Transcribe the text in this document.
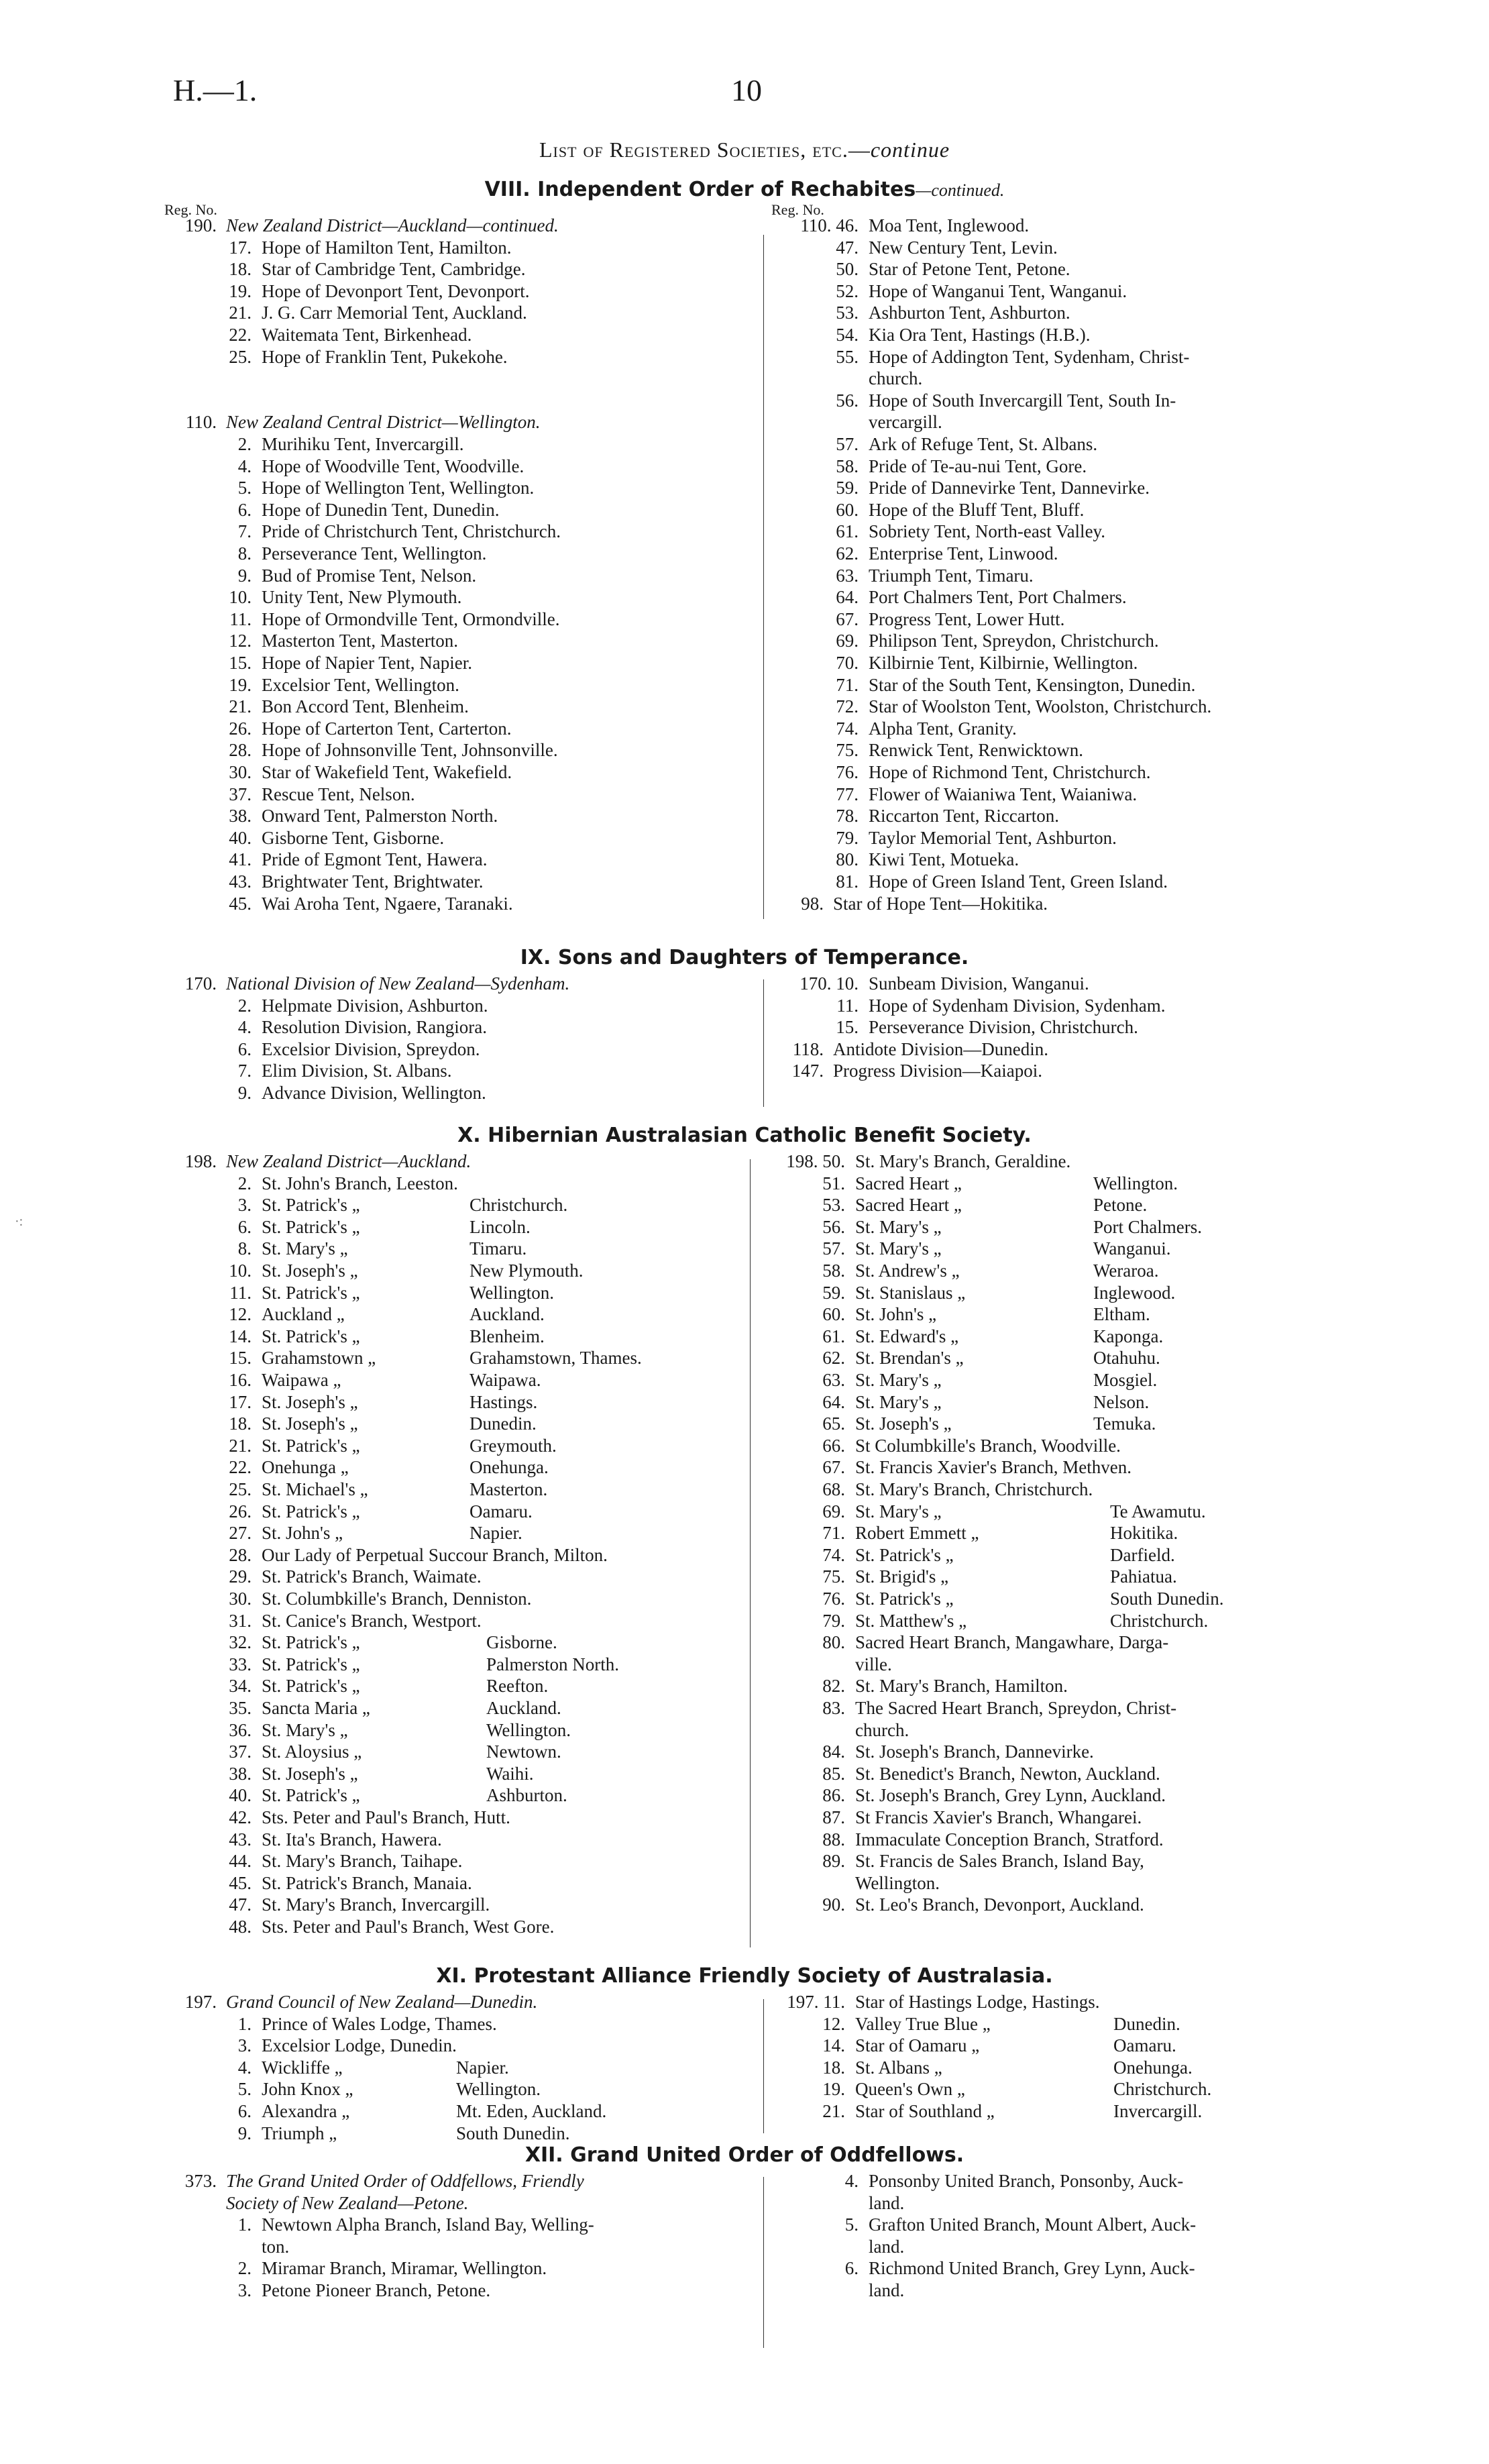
H.—1.	10
List of Registered Societies, etc.—continue
VIII. Independent Order of Rechabites—continued.
Reg. No.	Reg. No.
190. New Zealand District—Auckland—continued.
17. Hope of Hamilton Tent, Hamilton.
18. Star of Cambridge Tent, Cambridge.
19. Hope of Devonport Tent, Devonport.
21. J. G. Carr Memorial Tent, Auckland.
22. Waitemata Tent, Birkenhead.
25. Hope of Franklin Tent, Pukekohe.
110. New Zealand Central District—Wellington.
2. Murihiku Tent, Invercargill.
4. Hope of Woodville Tent, Woodville.
5. Hope of Wellington Tent, Wellington.
6. Hope of Dunedin Tent, Dunedin.
7. Pride of Christchurch Tent, Christchurch.
8. Perseverance Tent, Wellington.
9. Bud of Promise Tent, Nelson.
10. Unity Tent, New Plymouth.
11. Hope of Ormondville Tent, Ormondville.
12. Masterton Tent, Masterton.
15. Hope of Napier Tent, Napier.
19. Excelsior Tent, Wellington.
21. Bon Accord Tent, Blenheim.
26. Hope of Carterton Tent, Carterton.
28. Hope of Johnsonville Tent, Johnsonville.
30. Star of Wakefield Tent, Wakefield.
37. Rescue Tent, Nelson.
38. Onward Tent, Palmerston North.
40. Gisborne Tent, Gisborne.
41. Pride of Egmont Tent, Hawera.
43. Brightwater Tent, Brightwater.
45. Wai Aroha Tent, Ngaere, Taranaki.
110. 46. Moa Tent, Inglewood.
47. New Century Tent, Levin.
50. Star of Petone Tent, Petone.
52. Hope of Wanganui Tent, Wanganui.
53. Ashburton Tent, Ashburton.
54. Kia Ora Tent, Hastings (H.B.).
55. Hope of Addington Tent, Sydenham, Christ-
church.
56. Hope of South Invercargill Tent, South In-
vercargill.
57. Ark of Refuge Tent, St. Albans.
58. Pride of Te-au-nui Tent, Gore.
59. Pride of Dannevirke Tent, Dannevirke.
60. Hope of the Bluff Tent, Bluff.
61. Sobriety Tent, North-east Valley.
62. Enterprise Tent, Linwood.
63. Triumph Tent, Timaru.
64. Port Chalmers Tent, Port Chalmers.
67. Progress Tent, Lower Hutt.
69. Philipson Tent, Spreydon, Christchurch.
70. Kilbirnie Tent, Kilbirnie, Wellington.
71. Star of the South Tent, Kensington, Dunedin.
72. Star of Woolston Tent, Woolston, Christchurch.
74. Alpha Tent, Granity.
75. Renwick Tent, Renwicktown.
76. Hope of Richmond Tent, Christchurch.
77. Flower of Waianiwa Tent, Waianiwa.
78. Riccarton Tent, Riccarton.
79. Taylor Memorial Tent, Ashburton.
80. Kiwi Tent, Motueka.
81. Hope of Green Island Tent, Green Island.
98. Star of Hope Tent—Hokitika.
IX. Sons and Daughters of Temperance.
170. National Division of New Zealand—Sydenham.
2. Helpmate Division, Ashburton.
4. Resolution Division, Rangiora.
6. Excelsior Division, Spreydon.
7. Elim Division, St. Albans.
9. Advance Division, Wellington.
170. 10. Sunbeam Division, Wanganui.
11. Hope of Sydenham Division, Sydenham.
15. Perseverance Division, Christchurch.
118. Antidote Division—Dunedin.
147. Progress Division—Kaiapoi.
X. Hibernian Australasian Catholic Benefit Society.
198. New Zealand District—Auckland.
2. St. John's Branch, Leeston.
3. St. Patrick's „	Christchurch.
6. St. Patrick's „	Lincoln.
8. St. Mary's „	Timaru.
10. St. Joseph's „	New Plymouth.
11. St. Patrick's „	Wellington.
12. Auckland „	Auckland.
14. St. Patrick's „	Blenheim.
15. Grahamstown „	Grahamstown, Thames.
16. Waipawa „	Waipawa.
17. St. Joseph's „	Hastings.
18. St. Joseph's „	Dunedin.
21. St. Patrick's „	Greymouth.
22. Onehunga „	Onehunga.
25. St. Michael's „	Masterton.
26. St. Patrick's „	Oamaru.
27. St. John's „	Napier.
28. Our Lady of Perpetual Succour Branch, Milton.
29. St. Patrick's Branch, Waimate.
30. St. Columbkille's Branch, Denniston.
31. St. Canice's Branch, Westport.
32. St. Patrick's „	Gisborne.
33. St. Patrick's „	Palmerston North.
34. St. Patrick's „	Reefton.
35. Sancta Maria „	Auckland.
36. St. Mary's „	Wellington.
37. St. Aloysius „	Newtown.
38. St. Joseph's „	Waihi.
40. St. Patrick's „	Ashburton.
42. Sts. Peter and Paul's Branch, Hutt.
43. St. Ita's Branch, Hawera.
44. St. Mary's Branch, Taihape.
45. St. Patrick's Branch, Manaia.
47. St. Mary's Branch, Invercargill.
48. Sts. Peter and Paul's Branch, West Gore.
198. 50. St. Mary's Branch, Geraldine.
51. Sacred Heart „	Wellington.
53. Sacred Heart „	Petone.
56. St. Mary's „	Port Chalmers.
57. St. Mary's „	Wanganui.
58. St. Andrew's „	Weraroa.
59. St. Stanislaus „	Inglewood.
60. St. John's „	Eltham.
61. St. Edward's „	Kaponga.
62. St. Brendan's „	Otahuhu.
63. St. Mary's „	Mosgiel.
64. St. Mary's „	Nelson.
65. St. Joseph's „	Temuka.
66. St Columbkille's Branch, Woodville.
67. St. Francis Xavier's Branch, Methven.
68. St. Mary's Branch, Christchurch.
69. St. Mary's „	Te Awamutu.
71. Robert Emmett „	Hokitika.
74. St. Patrick's „	Darfield.
75. St. Brigid's „	Pahiatua.
76. St. Patrick's „	South Dunedin.
79. St. Matthew's „	Christchurch.
80. Sacred Heart Branch, Mangawhare, Darga-
ville.
82. St. Mary's Branch, Hamilton.
83. The Sacred Heart Branch, Spreydon, Christ-
church.
84. St. Joseph's Branch, Dannevirke.
85. St. Benedict's Branch, Newton, Auckland.
86. St. Joseph's Branch, Grey Lynn, Auckland.
87. St Francis Xavier's Branch, Whangarei.
88. Immaculate Conception Branch, Stratford.
89. St. Francis de Sales Branch, Island Bay,
Wellington.
90. St. Leo's Branch, Devonport, Auckland.
XI. Protestant Alliance Friendly Society of Australasia.
197. Grand Council of New Zealand—Dunedin.
1. Prince of Wales Lodge, Thames.
3. Excelsior Lodge, Dunedin.
4. Wickliffe „	Napier.
5. John Knox „	Wellington.
6. Alexandra „	Mt. Eden, Auckland.
9. Triumph „	South Dunedin.
197. 11. Star of Hastings Lodge, Hastings.
12. Valley True Blue „	Dunedin.
14. Star of Oamaru „	Oamaru.
18. St. Albans „	Onehunga.
19. Queen's Own „	Christchurch.
21. Star of Southland „	Invercargill.
XII. Grand United Order of Oddfellows.
373. The Grand United Order of Oddfellows, Friendly
Society of New Zealand—Petone.
1. Newtown Alpha Branch, Island Bay, Welling-
ton.
2. Miramar Branch, Miramar, Wellington.
3. Petone Pioneer Branch, Petone.
4. Ponsonby United Branch, Ponsonby, Auck-
land.
5. Grafton United Branch, Mount Albert, Auck-
land.
6. Richmond United Branch, Grey Lynn, Auck-
land.
·:
